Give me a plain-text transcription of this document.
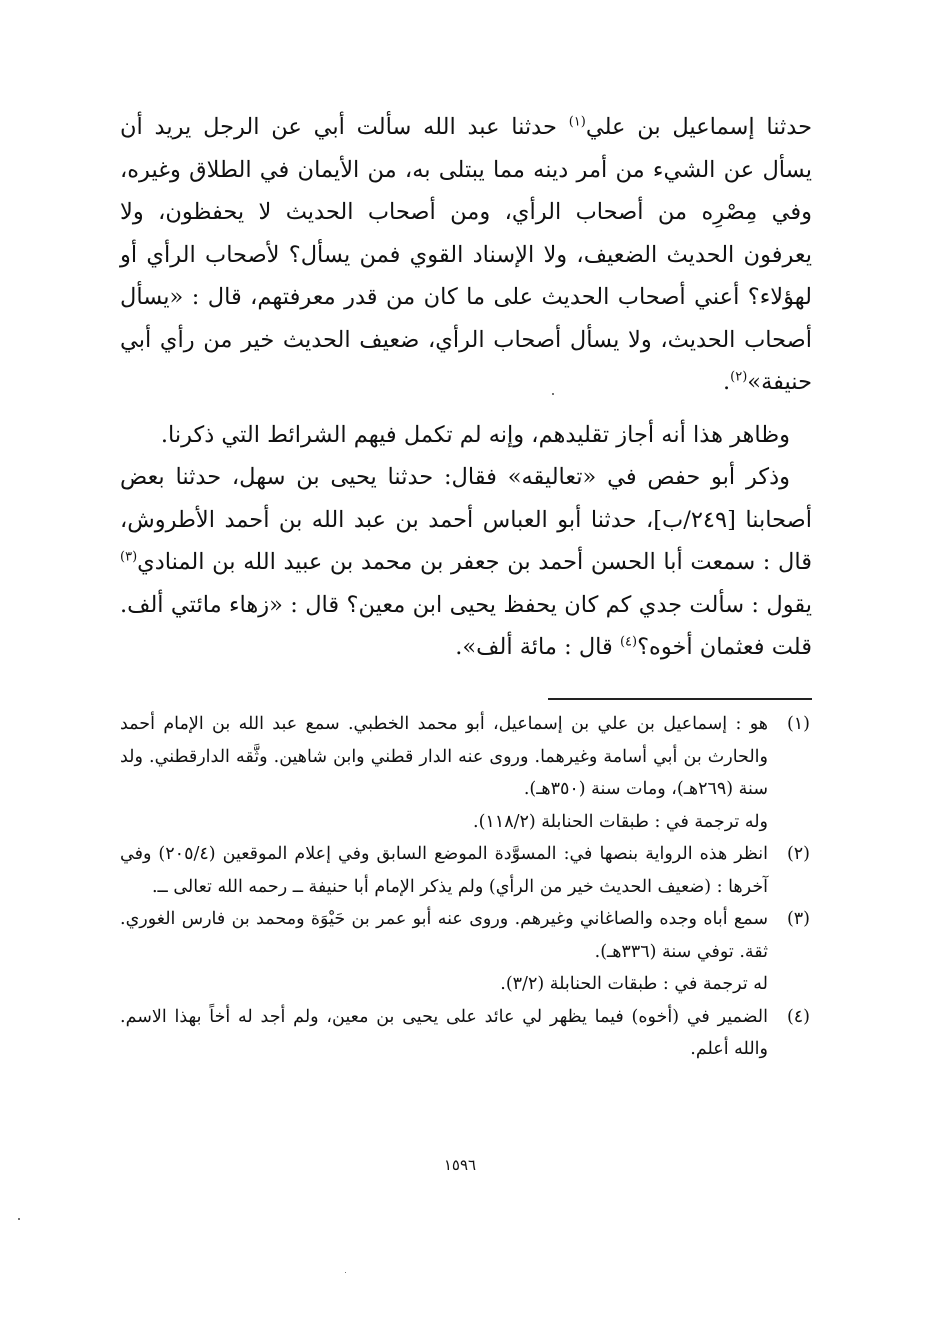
حدثنا إسماعيل بن علي$^{(١)}$ حدثنا عبد الله سألت أبي عن الرجل يريد أن يسأل عن الشيء من أمر دينه مما يبتلى به، من الأيمان في الطلاق وغيره، وفي مِصْرِه من أصحاب الرأي، ومن أصحاب الحديث لا يحفظون، ولا يعرفون الحديث الضعيف، ولا الإسناد القوي فمن يسأل؟ لأصحاب الرأي أو لهؤلاء؟ أعني أصحاب الحديث على ما كان من قدر معرفتهم، قال : «يسأل أصحاب الحديث، ولا يسأل أصحاب الرأي، ضعيف الحديث خير من رأي أبي حنيفة»$^{(٢)}$.

وظاهر هذا أنه أجاز تقليدهم، وإنه لم تكمل فيهم الشرائط التي ذكرنا.

وذكر أبو حفص في «تعاليقه» فقال: حدثنا يحيى بن سهل، حدثنا بعض أصحابنا [٢٤٩/ب]، حدثنا أبو العباس أحمد بن عبد الله بن أحمد الأطروش، قال : سمعت أبا الحسن أحمد بن جعفر بن محمد بن عبيد الله بن المنادي$^{(٣)}$ يقول : سألت جدي كم كان يحفظ يحيى ابن معين؟ قال : «زهاء مائتي ألف. قلت فعثمان أخوه؟$^{(٤)}$ قال : مائة ألف».

(١)
هو : إسماعيل بن علي بن إسماعيل، أبو محمد الخطبي. سمع عبد الله بن الإمام أحمد والحارث بن أبي أسامة وغيرهما. وروى عنه الدار قطني وابن شاهين. وثَّقه الدارقطني. ولد سنة (٢٦٩هـ)، ومات سنة (٣٥٠هـ).
وله ترجمة في : طبقات الحنابلة (١١٨/٢).
(٢)
انظر هذه الرواية بنصها في: المسوَّدة الموضع السابق وفي إعلام الموقعين (٢٠٥/٤) وفي آخرها : (ضعيف الحديث خير من الرأي) ولم يذكر الإمام أبا حنيفة ــ رحمه الله تعالى ــ.
(٣)
سمع أباه وجده والصاغاني وغيرهم. وروى عنه أبو عمر بن حَيْوَة ومحمد بن فارس الغوري. ثقة. توفي سنة (٣٣٦هـ).
له ترجمة في : طبقات الحنابلة (٣/٢).
(٤)
الضمير في (أخوه) فيما يظهر لي عائد على يحيى بن معين، ولم أجد له أخاً بهذا الاسم. والله أعلم.
١٥٩٦
